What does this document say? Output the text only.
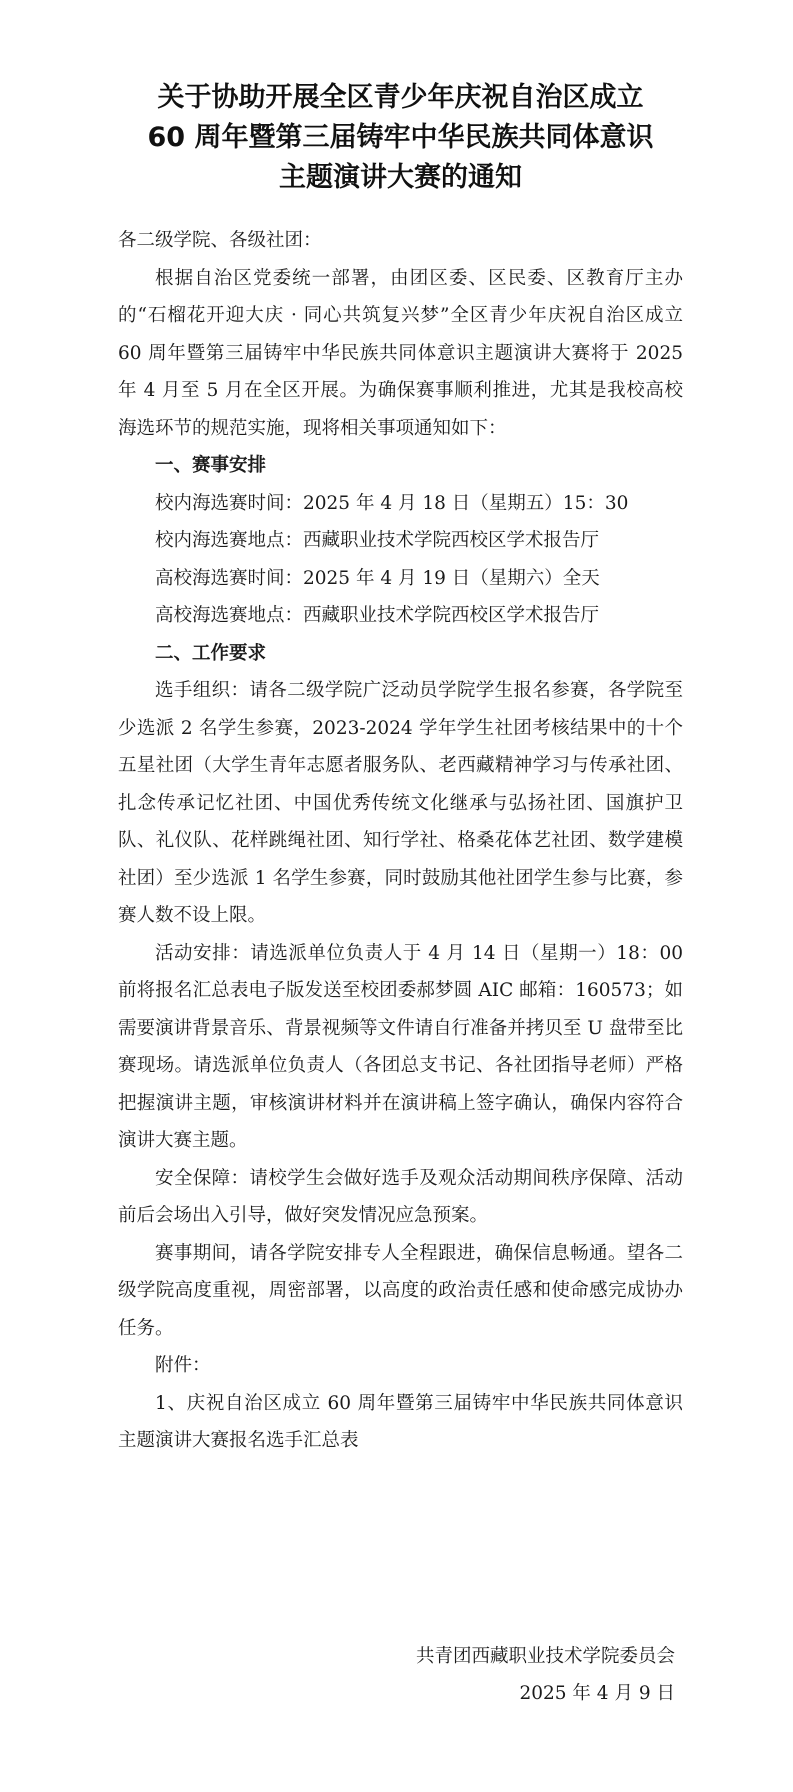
关于协助开展全区青少年庆祝自治区成立
60 周年暨第三届铸牢中华民族共同体意识
主题演讲大赛的通知

各二级学院、各级社团：

根据自治区党委统一部署，由团区委、区民委、区教育厅主办的“石榴花开迎大庆 · 同心共筑复兴梦”全区青少年庆祝自治区成立 60 周年暨第三届铸牢中华民族共同体意识主题演讲大赛将于 2025 年 4 月至 5 月在全区开展。为确保赛事顺利推进，尤其是我校高校海选环节的规范实施，现将相关事项通知如下：

一、赛事安排

校内海选赛时间：2025 年 4 月 18 日（星期五）15：30

校内海选赛地点：西藏职业技术学院西校区学术报告厅

高校海选赛时间：2025 年 4 月 19 日（星期六）全天

高校海选赛地点：西藏职业技术学院西校区学术报告厅

二、工作要求

选手组织：请各二级学院广泛动员学院学生报名参赛，各学院至少选派 2 名学生参赛，2023-2024 学年学生社团考核结果中的十个五星社团（大学生青年志愿者服务队、老西藏精神学习与传承社团、扎念传承记忆社团、中国优秀传统文化继承与弘扬社团、国旗护卫队、礼仪队、花样跳绳社团、知行学社、格桑花体艺社团、数学建模社团）至少选派 1 名学生参赛，同时鼓励其他社团学生参与比赛，参赛人数不设上限。

活动安排：请选派单位负责人于 4 月 14 日（星期一）18：00 前将报名汇总表电子版发送至校团委郝梦圆 AIC 邮箱：160573；如需要演讲背景音乐、背景视频等文件请自行准备并拷贝至 U 盘带至比赛现场。请选派单位负责人（各团总支书记、各社团指导老师）严格把握演讲主题，审核演讲材料并在演讲稿上签字确认，确保内容符合演讲大赛主题。

安全保障：请校学生会做好选手及观众活动期间秩序保障、活动前后会场出入引导，做好突发情况应急预案。

赛事期间，请各学院安排专人全程跟进，确保信息畅通。望各二级学院高度重视，周密部署，以高度的政治责任感和使命感完成协办任务。

附件：

1、庆祝自治区成立 60 周年暨第三届铸牢中华民族共同体意识主题演讲大赛报名选手汇总表

共青团西藏职业技术学院委员会
2025 年 4 月 9 日
